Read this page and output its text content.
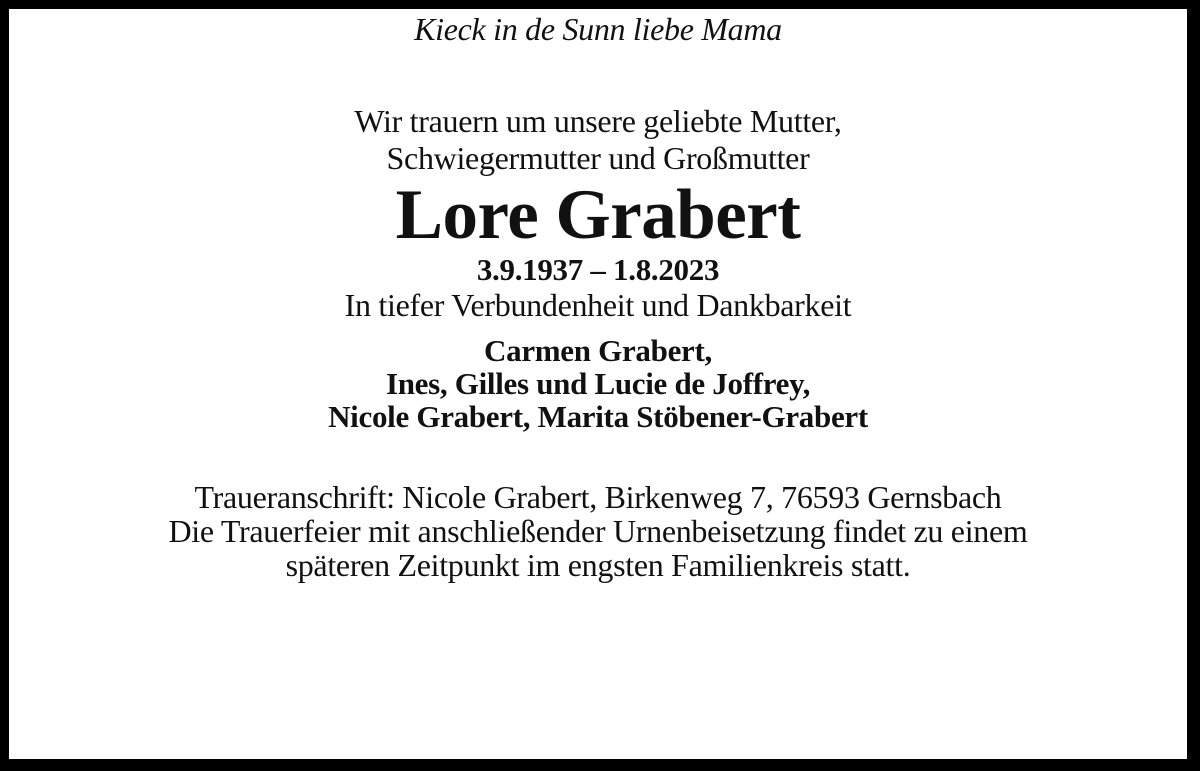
Kieck in de Sunn liebe Mama

Wir trauern um unsere geliebte Mutter,

Schwiegermutter und Großmutter

Lore Grabert

3.9.1937 – 1.8.2023

In tiefer Verbundenheit und Dankbarkeit

Carmen Grabert,

Ines, Gilles und Lucie de Joffrey,

Nicole Grabert, Marita Stöbener-Grabert

Traueranschrift: Nicole Grabert, Birkenweg 7, 76593 Gernsbach

Die Trauerfeier mit anschließender Urnenbeisetzung findet zu einem

späteren Zeitpunkt im engsten Familienkreis statt.
